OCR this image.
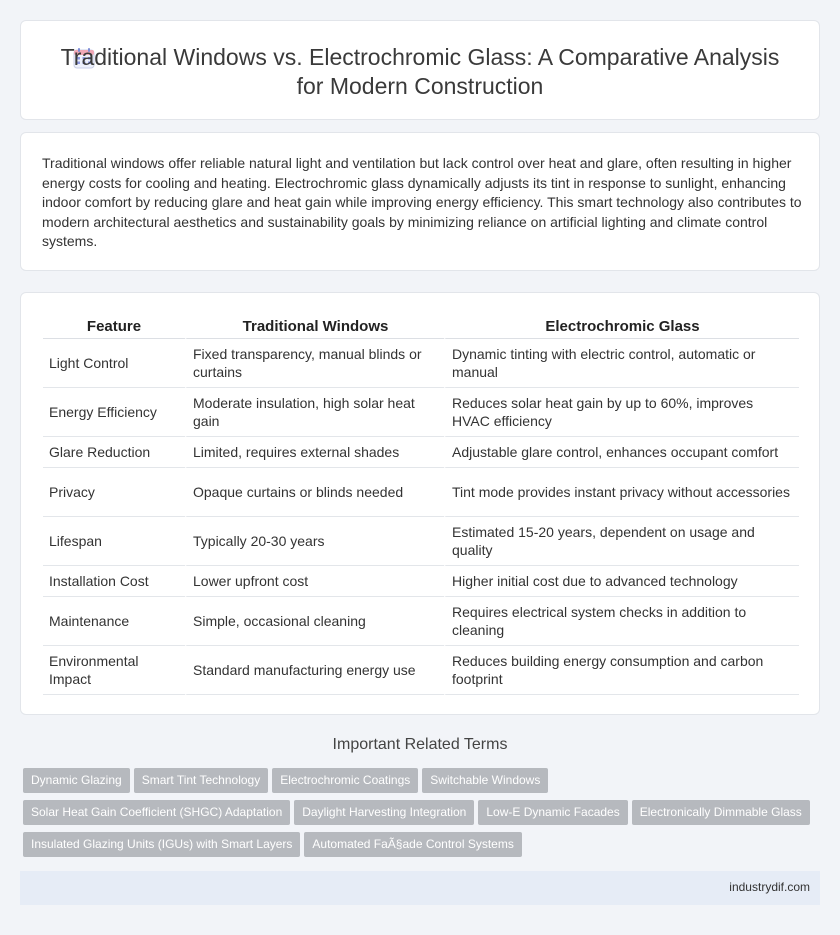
Traditional Windows vs. Electrochromic Glass: A Comparative Analysis for Modern Construction

Traditional windows offer reliable natural light and ventilation but lack control over heat and glare, often resulting in higher energy costs for cooling and heating. Electrochromic glass dynamically adjusts its tint in response to sunlight, enhancing indoor comfort by reducing glare and heat gain while improving energy efficiency. This smart technology also contributes to modern architectural aesthetics and sustainability goals by minimizing reliance on artificial lighting and climate control systems.

Feature	Traditional Windows	Electrochromic Glass
Light Control	Fixed transparency, manual blinds or curtains	Dynamic tinting with electric control, automatic or manual
Energy Efficiency	Moderate insulation, high solar heat gain	Reduces solar heat gain by up to 60%, improves HVAC efficiency
Glare Reduction	Limited, requires external shades	Adjustable glare control, enhances occupant comfort
Privacy	Opaque curtains or blinds needed	Tint mode provides instant privacy without accessories
Lifespan	Typically 20-30 years	Estimated 15-20 years, dependent on usage and quality
Installation Cost	Lower upfront cost	Higher initial cost due to advanced technology
Maintenance	Simple, occasional cleaning	Requires electrical system checks in addition to cleaning
Environmental Impact	Standard manufacturing energy use	Reduces building energy consumption and carbon footprint
Important Related Terms
Dynamic Glazing Smart Tint Technology Electrochromic Coatings Switchable Windows
Solar Heat Gain Coefficient (SHGC) Adaptation Daylight Harvesting Integration Low-E Dynamic Facades Electronically Dimmable Glass
Insulated Glazing Units (IGUs) with Smart Layers Automated FaÃ§ade Control Systems
industrydif.com
